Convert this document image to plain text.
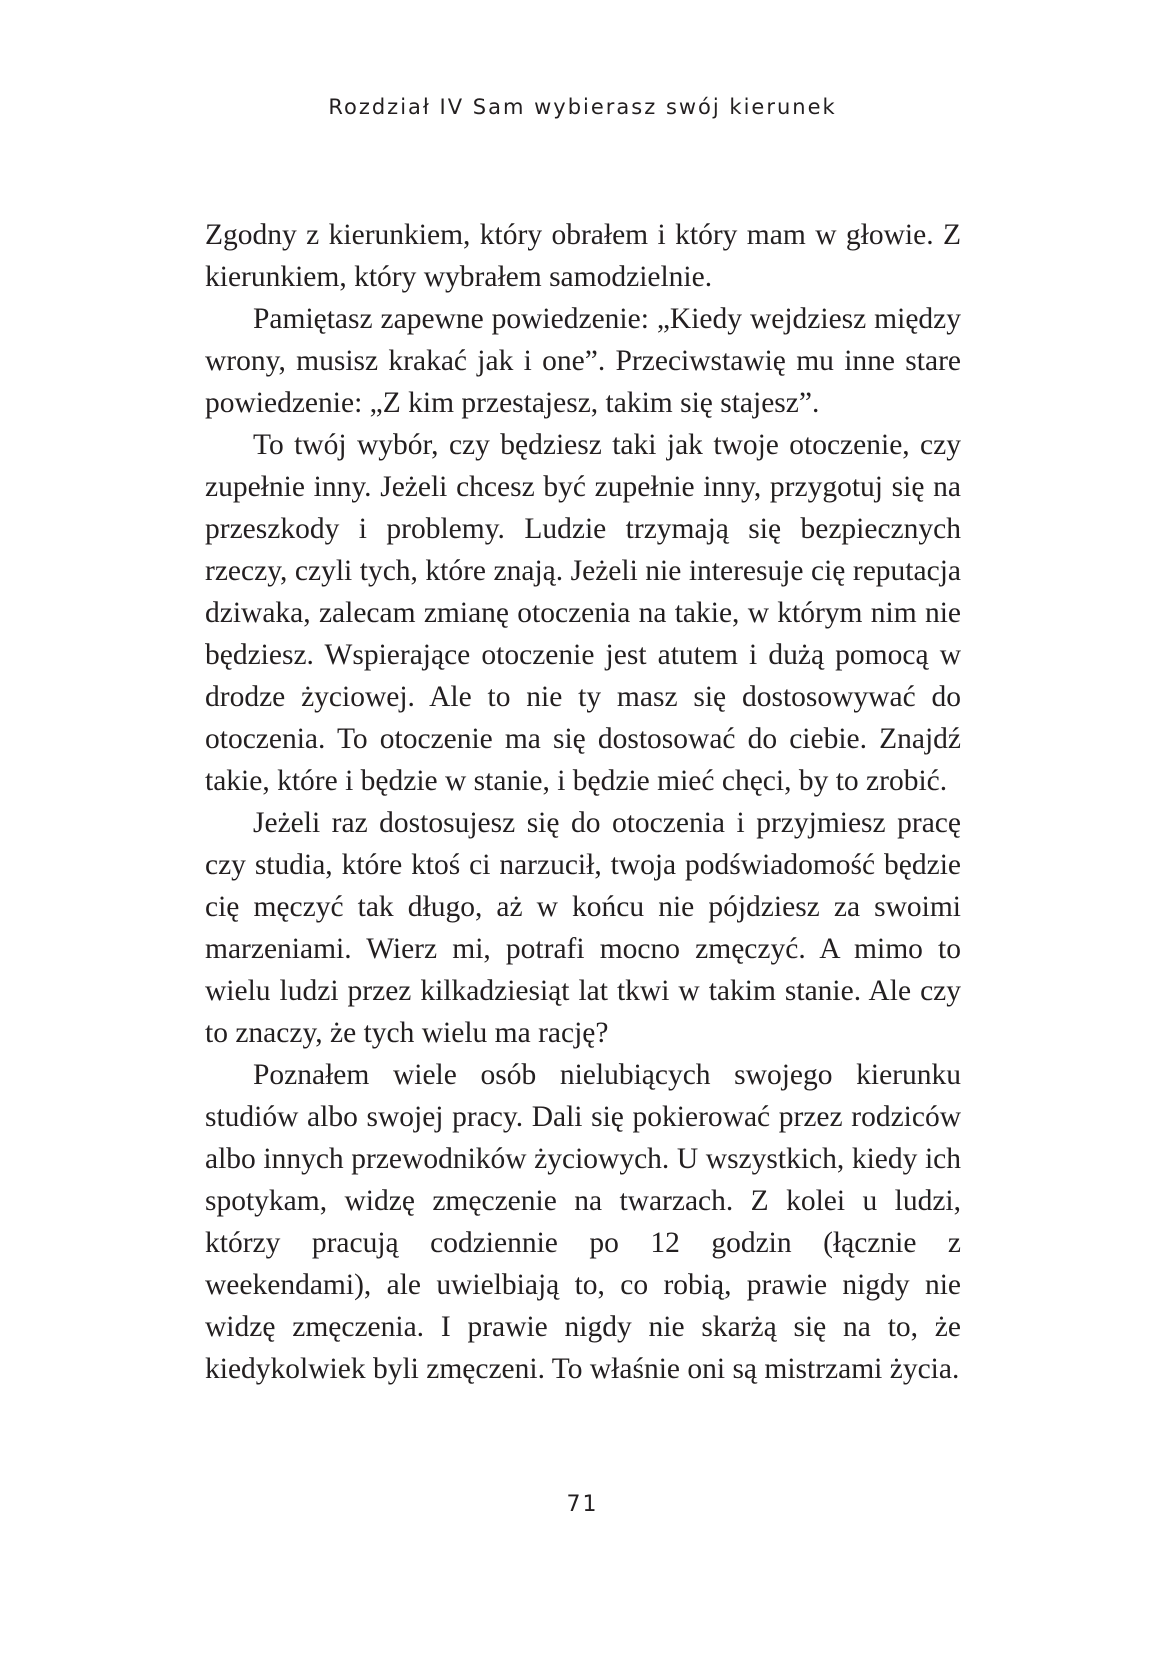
Rozdział IV Sam wybierasz swój kierunek

Zgodny z kierunkiem, który obrałem i który mam w głowie. Z kierunkiem, który wybrałem samodzielnie.

Pamiętasz zapewne powiedzenie: „Kiedy wejdziesz między wrony, musisz krakać jak i one”. Przeciwstawię mu inne stare powiedzenie: „Z kim przestajesz, takim się stajesz”.

To twój wybór, czy będziesz taki jak twoje otoczenie, czy zupełnie inny. Jeżeli chcesz być zupełnie inny, przygotuj się na przeszkody i problemy. Ludzie trzymają się bezpiecznych rzeczy, czyli tych, które znają. Jeżeli nie interesuje cię reputacja dziwaka, zalecam zmianę otoczenia na takie, w którym nim nie będziesz. Wspierające otoczenie jest atutem i dużą pomocą w drodze życiowej. Ale to nie ty masz się dostosowywać do otoczenia. To otoczenie ma się dostosować do ciebie. Znajdź takie, które i będzie w stanie, i będzie mieć chęci, by to zrobić.

Jeżeli raz dostosujesz się do otoczenia i przyjmiesz pracę czy studia, które ktoś ci narzucił, twoja podświadomość będzie cię męczyć tak długo, aż w końcu nie pójdziesz za swoimi marzeniami. Wierz mi, potrafi mocno zmęczyć. A mimo to wielu ludzi przez kilkadziesiąt lat tkwi w takim stanie. Ale czy to znaczy, że tych wielu ma rację?

Poznałem wiele osób nielubiących swojego kierunku studiów albo swojej pracy. Dali się pokierować przez rodziców albo innych przewodników życiowych. U wszystkich, kiedy ich spotykam, widzę zmęczenie na twarzach. Z kolei u ludzi, którzy pracują codziennie po 12 godzin (łącznie z weekendami), ale uwielbiają to, co robią, prawie nigdy nie widzę zmęczenia. I prawie nigdy nie skarżą się na to, że kiedykolwiek byli zmęczeni. To właśnie oni są mistrzami życia.

71
